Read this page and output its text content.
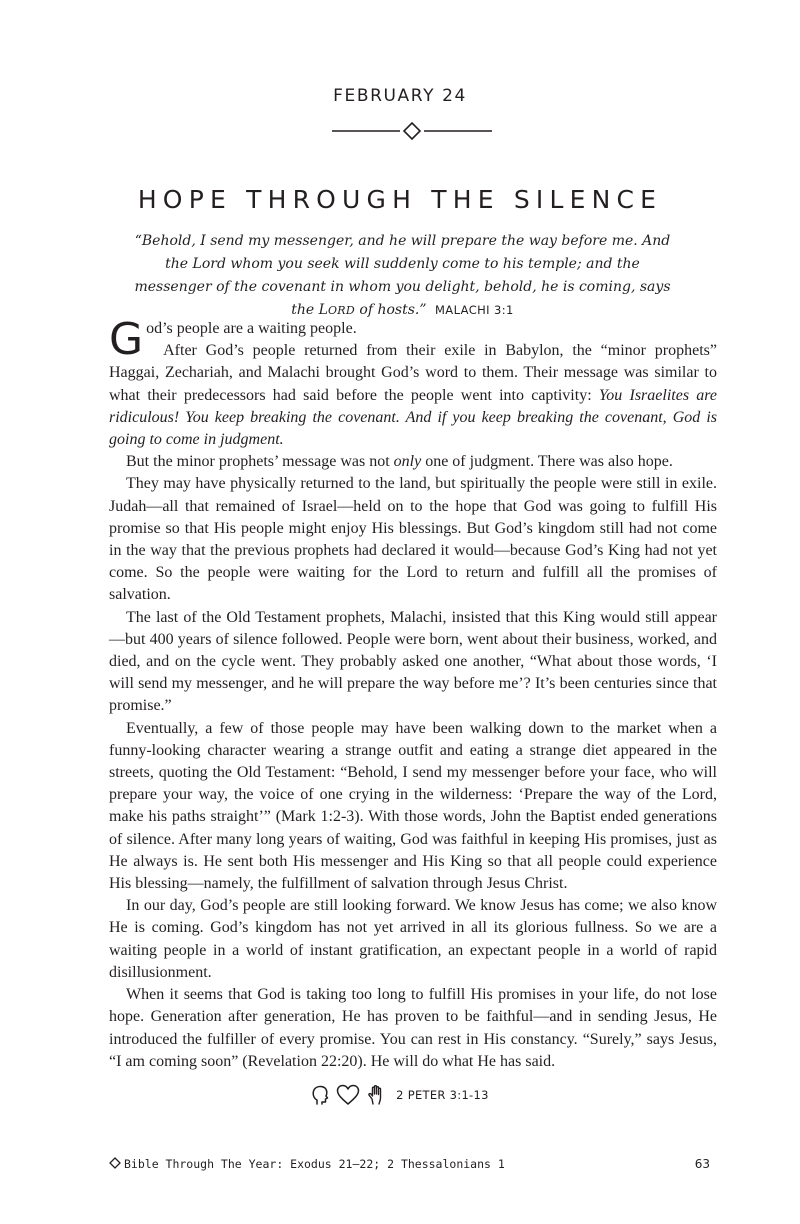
FEBRUARY 24
HOPE THROUGH THE SILENCE
“Behold, I send my messenger, and he will prepare the way before me. And the Lord whom you seek will suddenly come to his temple; and the messenger of the covenant in whom you delight, behold, he is coming, says the LORD of hosts.” MALACHI 3:1

God’s people are a waiting people.

After God’s people returned from their exile in Babylon, the “minor prophets” Haggai, Zechariah, and Malachi brought God’s word to them. Their message was similar to what their predecessors had said before the people went into captivity: You Israelites are ridiculous! You keep breaking the covenant. And if you keep breaking the covenant, God is going to come in judgment.

But the minor prophets’ message was not only one of judgment. There was also hope.

They may have physically returned to the land, but spiritually the people were still in exile. Judah—all that remained of Israel—held on to the hope that God was going to fulfill His promise so that His people might enjoy His blessings. But God’s kingdom still had not come in the way that the previous prophets had declared it would—because God’s King had not yet come. So the people were waiting for the Lord to return and fulfill all the promises of salvation.

The last of the Old Testament prophets, Malachi, insisted that this King would still appear—but 400 years of silence followed. People were born, went about their business, worked, and died, and on the cycle went. They probably asked one another, “What about those words, ‘I will send my messenger, and he will prepare the way before me’? It’s been centuries since that promise.”

Eventually, a few of those people may have been walking down to the market when a funny-looking character wearing a strange outfit and eating a strange diet appeared in the streets, quoting the Old Testament: “Behold, I send my messenger before your face, who will prepare your way, the voice of one crying in the wilderness: ‘Prepare the way of the Lord, make his paths straight’” (Mark 1:2-3). With those words, John the Baptist ended generations of silence. After many long years of waiting, God was faithful in keeping His promises, just as He always is. He sent both His messenger and His King so that all people could experience His blessing—namely, the fulfillment of salvation through Jesus Christ.

In our day, God’s people are still looking forward. We know Jesus has come; we also know He is coming. God’s kingdom has not yet arrived in all its glorious fullness. So we are a waiting people in a world of instant gratification, an expectant people in a world of rapid disillusionment.

When it seems that God is taking too long to fulfill His promises in your life, do not lose hope. Generation after generation, He has proven to be faithful—and in sending Jesus, He introduced the fulfiller of every promise. You can rest in His constancy. “Surely,” says Jesus, “I am coming soon” (Revelation 22:20). He will do what He has said.

2 PETER 3:1-13
Bible Through The Year: Exodus 21–22; 2 Thessalonians 1	63
